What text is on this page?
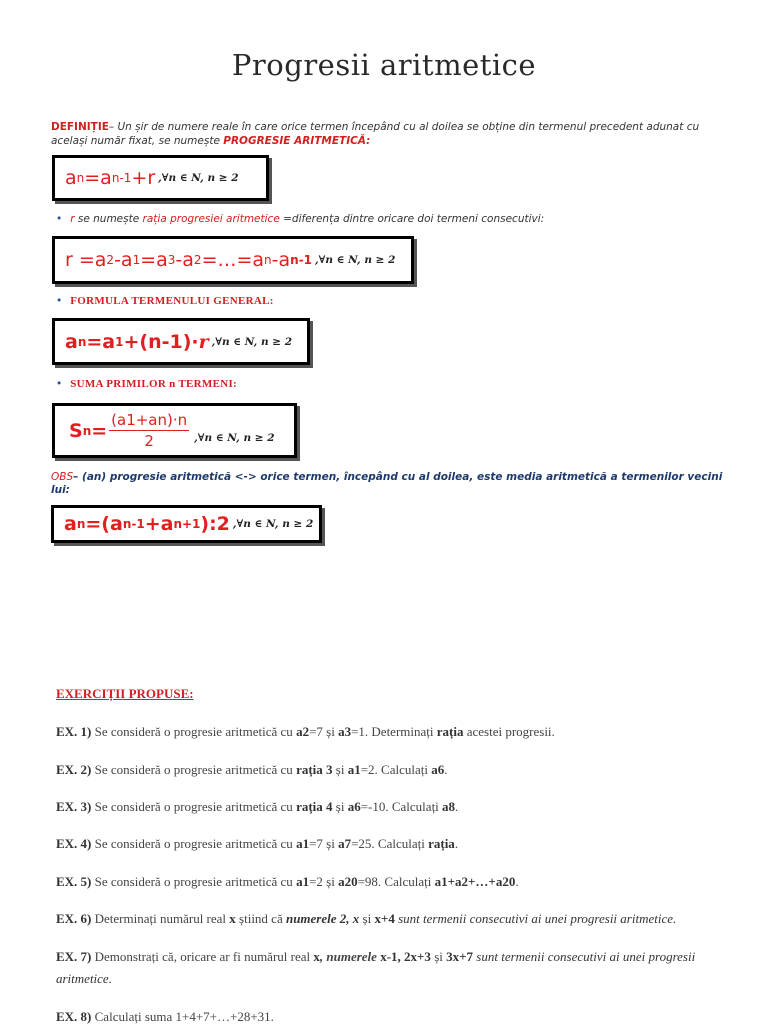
Progresii aritmetice
DEFINIȚIE– Un șir de numere reale în care orice termen începând cu al doilea se obține din termenul precedent adunat cu
același număr fixat, se numește PROGRESIE ARITMETICĂ:
a n =a n-1 +r ,∀n ∈ N, n ≥ 2
• r se numește rația progresiei aritmetice =diferența dintre oricare doi termeni consecutivi:
r =a 2 -a 1 =a 3 -a 2 =…=a n -a n-1 ,∀n ∈ N, n ≥ 2
• FORMULA TERMENULUI GENERAL:
a n =a 1 +(n-1)· r ,∀n ∈ N, n ≥ 2
• SUMA PRIMILOR n TERMENI:
S $n = \frac{(a1+an)\cdot n}{2}$ ,∀n ∈ N, n ≥ 2
OBS– (an) progresie aritmetică <-> orice termen, începând cu al doilea, este media aritmetică a termenilor vecini
lui:
a n =(a n-1 +a n+1 ):2 ,∀n ∈ N, n ≥ 2
EXERCIȚII PROPUSE:
EX. 1) Se consideră o progresie aritmetică cu a2=7 și a3=1. Determinați rația acestei progresii.
EX. 2) Se consideră o progresie aritmetică cu rația 3 și a1=2. Calculați a6.
EX. 3) Se consideră o progresie aritmetică cu rația 4 și a6=-10. Calculați a8.
EX. 4) Se consideră o progresie aritmetică cu a1=7 și a7=25. Calculați rația.
EX. 5) Se consideră o progresie aritmetică cu a1=2 și a20=98. Calculați a1+a2+…+a20.
EX. 6) Determinați numărul real x știind că numerele 2, x și x+4 sunt termenii consecutivi ai unei progresii aritmetice.
EX. 7) Demonstrați că, oricare ar fi numărul real x, numerele x-1, 2x+3 și 3x+7 sunt termenii consecutivi ai unei progresii aritmetice.
EX. 8) Calculați suma 1+4+7+…+28+31.
